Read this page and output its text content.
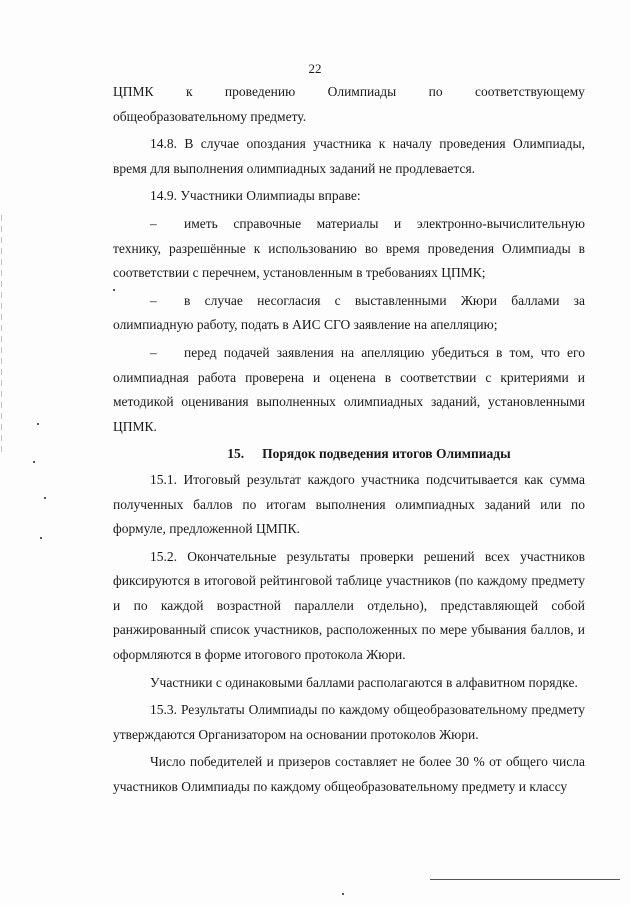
22
ЦПМК к проведению Олимпиады по соответствующему

общеобразовательному предмету.

14.8. В случае опоздания участника к началу проведения Олимпиады, время для выполнения олимпиадных заданий не продлевается.

14.9. Участники Олимпиады вправе:

– иметь справочные материалы и электронно-вычислительную технику, разрешённые к использованию во время проведения Олимпиады в соответствии с перечнем, установленным в требованиях ЦПМК;

– в случае несогласия с выставленными Жюри баллами за олимпиадную работу, подать в АИС СГО заявление на апелляцию;

– перед подачей заявления на апелляцию убедиться в том, что его олимпиадная работа проверена и оценена в соответствии с критериями и методикой оценивания выполненных олимпиадных заданий, установленными ЦПМК.

15. Порядок подведения итогов Олимпиады

15.1. Итоговый результат каждого участника подсчитывается как сумма полученных баллов по итогам выполнения олимпиадных заданий или по формуле, предложенной ЦМПК.

15.2. Окончательные результаты проверки решений всех участников фиксируются в итоговой рейтинговой таблице участников (по каждому предмету и по каждой возрастной параллели отдельно), представляющей собой ранжированный список участников, расположенных по мере убывания баллов, и оформляются в форме итогового протокола Жюри.

Участники с одинаковыми баллами располагаются в алфавитном порядке.

15.3. Результаты Олимпиады по каждому общеобразовательному предмету утверждаются Организатором на основании протоколов Жюри.

Число победителей и призеров составляет не более 30 % от общего числа участников Олимпиады по каждому общеобразовательному предмету и классу
